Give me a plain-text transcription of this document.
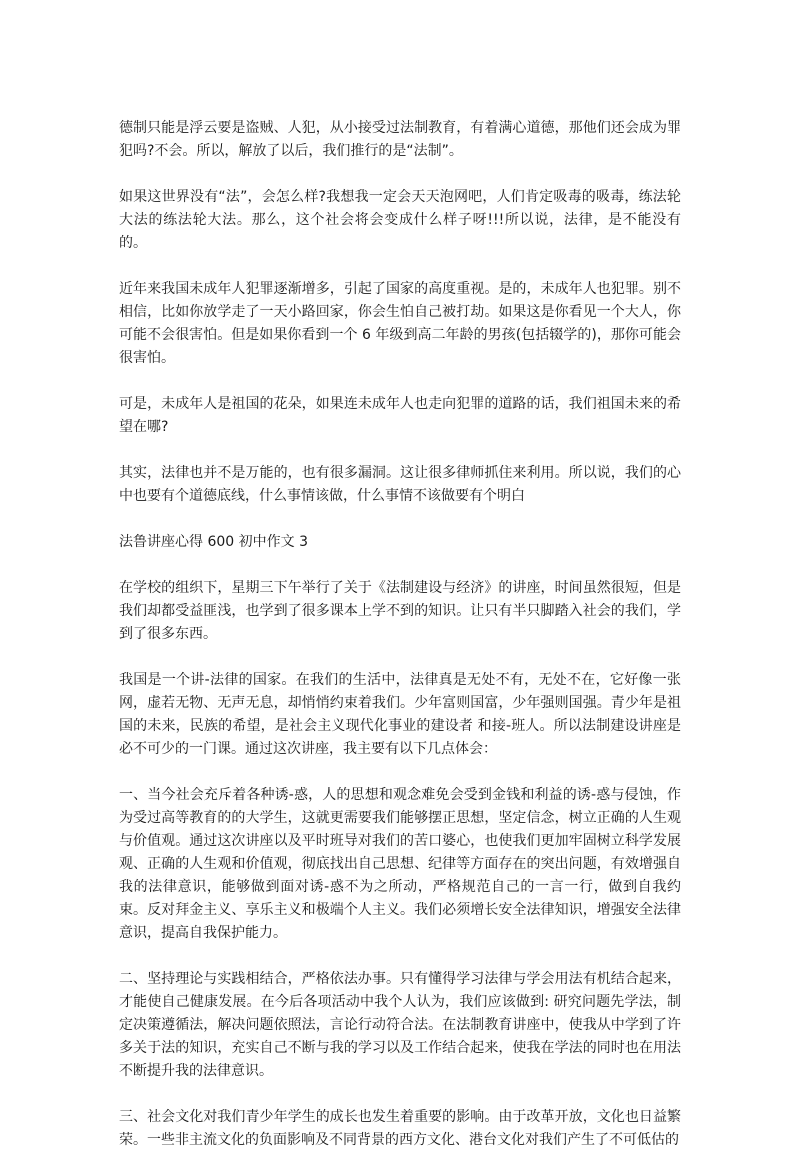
德制只能是浮云要是盗贼、人犯，从小接受过法制教育，有着满心道德，那他们还会成为罪犯吗?不会。所以，解放了以后，我们推行的是“法制”。

如果这世界没有“法”，会怎么样?我想我一定会天天泡网吧，人们肯定吸毒的吸毒，练法轮大法的练法轮大法。那么，这个社会将会变成什么样子呀!!!所以说，法律，是不能没有的。

近年来我国未成年人犯罪逐渐增多，引起了国家的高度重视。是的，未成年人也犯罪。别不相信，比如你放学走了一天小路回家，你会生怕自己被打劫。如果这是你看见一个大人，你可能不会很害怕。但是如果你看到一个 6 年级到高二年龄的男孩(包括辍学的)，那你可能会很害怕。

可是，未成年人是祖国的花朵，如果连未成年人也走向犯罪的道路的话，我们祖国未来的希望在哪?

其实，法律也并不是万能的，也有很多漏洞。这让很多律师抓住来利用。所以说，我们的心中也要有个道德底线，什么事情该做，什么事情不该做要有个明白

法鲁讲座心得 600 初中作文 3

在学校的组织下，星期三下午举行了关于《法制建设与经济》的讲座，时间虽然很短，但是我们却都受益匪浅，也学到了很多课本上学不到的知识。让只有半只脚踏入社会的我们，学到了很多东西。

我国是一个讲-法律的国家。在我们的生活中，法律真是无处不有，无处不在，它好像一张网，虚若无物、无声无息，却悄悄约束着我们。少年富则国富，少年强则国强。青少年是祖国的未来，民族的希望，是社会主义现代化事业的建设者 和接-班人。所以法制建设讲座是必不可少的一门课。通过这次讲座，我主要有以下几点体会：

一、当今社会充斥着各种诱-惑，人的思想和观念难免会受到金钱和利益的诱-惑与侵蚀，作为受过高等教育的的大学生，这就更需要我们能够摆正思想，坚定信念，树立正确的人生观与价值观。通过这次讲座以及平时班导对我们的苦口婆心，也使我们更加牢固树立科学发展观、正确的人生观和价值观，彻底找出自己思想、纪律等方面存在的突出问题，有效增强自我的法律意识，能够做到面对诱-惑不为之所动，严格规范自己的一言一行，做到自我约束。反对拜金主义、享乐主义和极端个人主义。我们必须增长安全法律知识，增强安全法律意识，提高自我保护能力。

二、坚持理论与实践相结合，严格依法办事。只有懂得学习法律与学会用法有机结合起来，才能使自己健康发展。在今后各项活动中我个人认为，我们应该做到: 研究问题先学法，制定决策遵循法，解决问题依照法，言论行动符合法。在法制教育讲座中，使我从中学到了许多关于法的知识，充实自己不断与我的学习以及工作结合起来，使我在学法的同时也在用法不断提升我的法律意识。

三、社会文化对我们青少年学生的成长也发生着重要的影响。由于改革开放，文化也日益繁荣。一些非主流文化的负面影响及不同背景的西方文化、港台文化对我们产生了不可低估的
